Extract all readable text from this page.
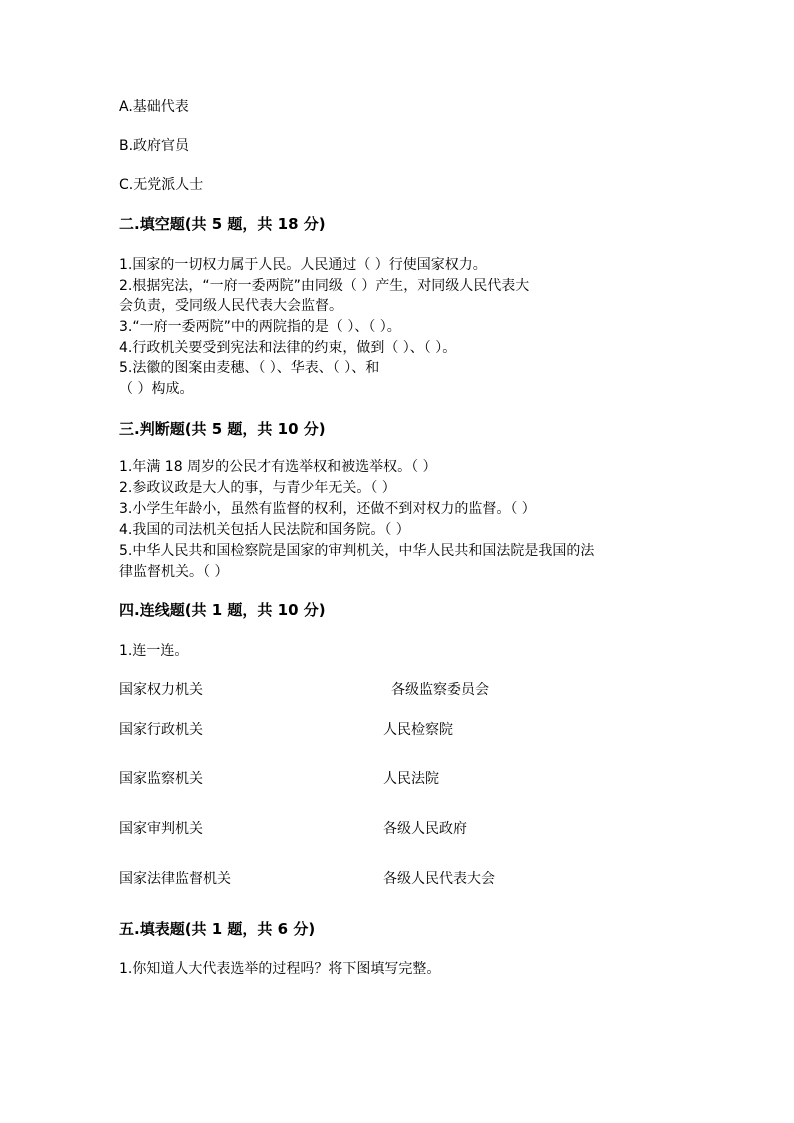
A.基础代表
B.政府官员
C.无党派人士
二.填空题(共 5 题，共 18 分)
1.国家的一切权力属于人民。人民通过（ ）行使国家权力。
2.根据宪法，“一府一委两院”由同级（ ）产生，对同级人民代表大
会负责，受同级人民代表大会监督。
3.“一府一委两院”中的两院指的是（ ）、（ ）。
4.行政机关要受到宪法和法律的约束，做到（ ）、（ ）。
5.法徽的图案由麦穗、（ ）、华表、（ ）、和
（ ）构成。
三.判断题(共 5 题，共 10 分)
1.年满 18 周岁的公民才有选举权和被选举权。（ ）
2.参政议政是大人的事，与青少年无关。（ ）
3.小学生年龄小，虽然有监督的权利，还做不到对权力的监督。（ ）
4.我国的司法机关包括人民法院和国务院。（ ）
5.中华人民共和国检察院是国家的审判机关，中华人民共和国法院是我国的法
律监督机关。（ ）
四.连线题(共 1 题，共 10 分)
1.连一连。
国家权力机关	各级监察委员会
国家行政机关	人民检察院
国家监察机关	人民法院
国家审判机关	各级人民政府
国家法律监督机关	各级人民代表大会
五.填表题(共 1 题，共 6 分)
1.你知道人大代表选举的过程吗？将下图填写完整。
